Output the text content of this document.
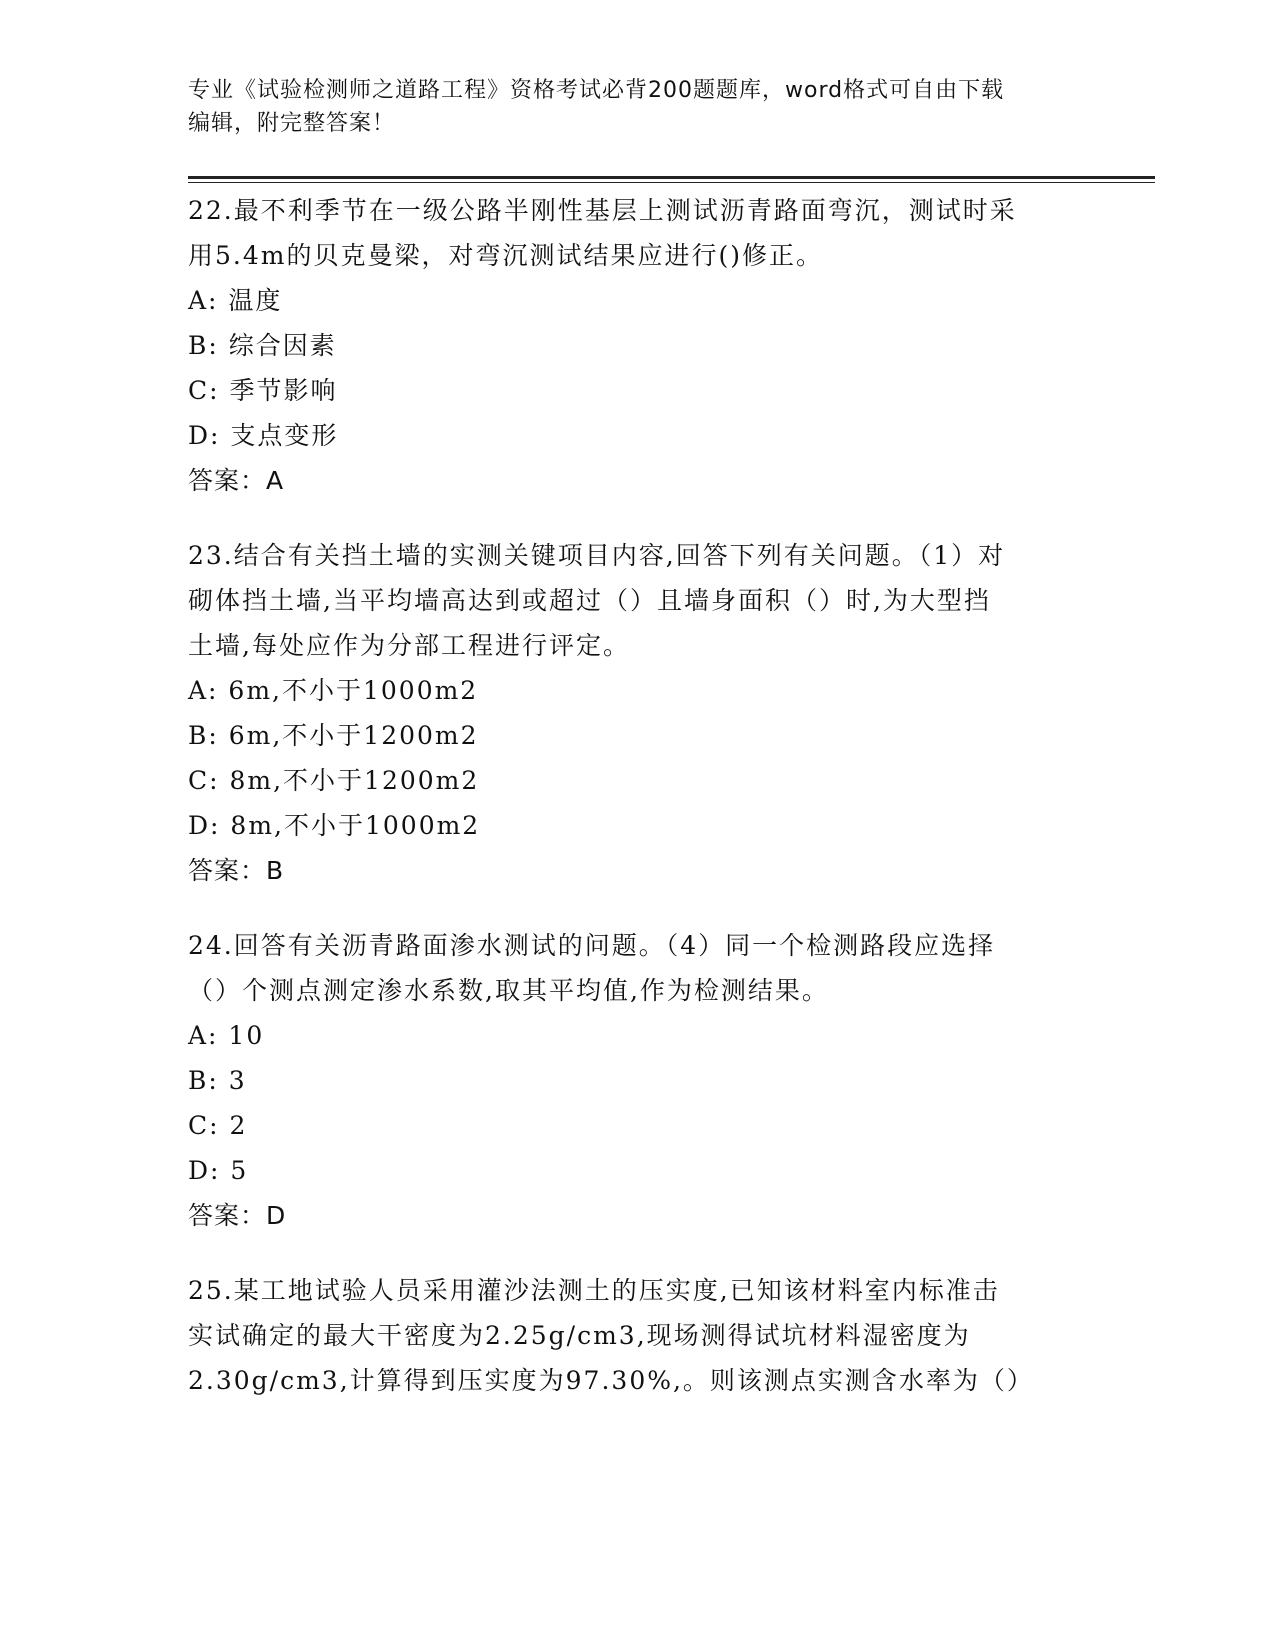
专业《试验检测师之道路工程》资格考试必背200题题库，word格式可自由下载
编辑，附完整答案！

22.最不利季节在一级公路半刚性基层上测试沥青路面弯沉，测试时采

用5.4m的贝克曼梁，对弯沉测试结果应进行()修正。

A: 温度

B: 综合因素

C: 季节影响

D: 支点变形

答案：A

23.结合有关挡土墙的实测关键项目内容,回答下列有关问题。（1）对

砌体挡土墙,当平均墙高达到或超过（）且墙身面积（）时,为大型挡

土墙,每处应作为分部工程进行评定。

A: 6m,不小于1000m2

B: 6m,不小于1200m2

C: 8m,不小于1200m2

D: 8m,不小于1000m2

答案：B

24.回答有关沥青路面渗水测试的问题。（4）同一个检测路段应选择

（）个测点测定渗水系数,取其平均值,作为检测结果。

A: 10

B: 3

C: 2

D: 5

答案：D

25.某工地试验人员采用灌沙法测土的压实度,已知该材料室内标准击

实试确定的最大干密度为2.25g/cm3,现场测得试坑材料湿密度为

2.30g/cm3,计算得到压实度为97.30%,。则该测点实测含水率为（）
